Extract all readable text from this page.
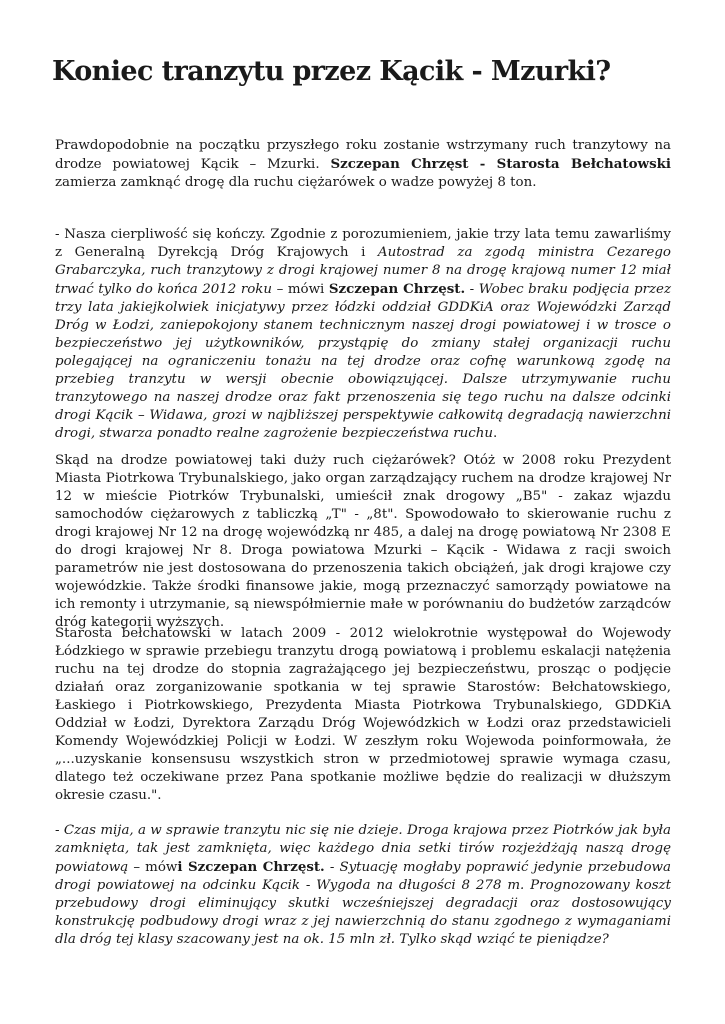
Koniec tranzytu przez Kącik - Mzurki?

Prawdopodobnie na początku przyszłego roku zostanie wstrzymany ruch tranzytowy na drodze powiatowej Kącik – Mzurki. Szczepan Chrzęst - Starosta Bełchatowski zamierza zamknąć drogę dla ruchu ciężarówek o wadze powyżej 8 ton.

- Nasza cierpliwość się kończy. Zgodnie z porozumieniem, jakie trzy lata temu zawarliśmy z Generalną Dyrekcją Dróg Krajowych i Autostrad za zgodą ministra Cezarego Grabarczyka, ruch tranzytowy z drogi krajowej numer 8 na drogę krajową numer 12 miał trwać tylko do końca 2012 roku – mówi Szczepan Chrzęst. - Wobec braku podjęcia przez trzy lata jakiejkolwiek inicjatywy przez łódzki oddział GDDKiA oraz Wojewódzki Zarząd Dróg w Łodzi, zaniepokojony stanem technicznym naszej drogi powiatowej i w trosce o bezpieczeństwo jej użytkowników, przystąpię do zmiany stałej organizacji ruchu polegającej na ograniczeniu tonażu na tej drodze oraz cofnę warunkową zgodę na przebieg tranzytu w wersji obecnie obowiązującej. Dalsze utrzymywanie ruchu tranzytowego na naszej drodze oraz fakt przenoszenia się tego ruchu na dalsze odcinki drogi Kącik – Widawa, grozi w najbliższej perspektywie całkowitą degradacją nawierzchni drogi, stwarza ponadto realne zagrożenie bezpieczeństwa ruchu.

Skąd na drodze powiatowej taki duży ruch ciężarówek? Otóż w 2008 roku Prezydent Miasta Piotrkowa Trybunalskiego, jako organ zarządzający ruchem na drodze krajowej Nr 12 w mieście Piotrków Trybunalski, umieścił znak drogowy „B5" - zakaz wjazdu samochodów ciężarowych z tabliczką „T" - „8t". Spowodowało to skierowanie ruchu z drogi krajowej Nr 12 na drogę wojewódzką nr 485, a dalej na drogę powiatową Nr 2308 E do drogi krajowej Nr 8. Droga powiatowa Mzurki – Kącik - Widawa z racji swoich parametrów nie jest dostosowana do przenoszenia takich obciążeń, jak drogi krajowe czy wojewódzkie. Także środki finansowe jakie, mogą przeznaczyć samorządy powiatowe na ich remonty i utrzymanie, są niewspółmiernie małe w porównaniu do budżetów zarządców dróg kategorii wyższych.

Starosta bełchatowski w latach 2009 - 2012 wielokrotnie występował do Wojewody Łódzkiego w sprawie przebiegu tranzytu drogą powiatową i problemu eskalacji natężenia ruchu na tej drodze do stopnia zagrażającego jej bezpieczeństwu, prosząc o podjęcie działań oraz zorganizowanie spotkania w tej sprawie Starostów: Bełchatowskiego, Łaskiego i Piotrkowskiego, Prezydenta Miasta Piotrkowa Trybunalskiego, GDDKiA Oddział w Łodzi, Dyrektora Zarządu Dróg Wojewódzkich w Łodzi oraz przedstawicieli Komendy Wojewódzkiej Policji w Łodzi. W zeszłym roku Wojewoda poinformowała, że „...uzyskanie konsensusu wszystkich stron w przedmiotowej sprawie wymaga czasu, dlatego też oczekiwane przez Pana spotkanie możliwe będzie do realizacji w dłuższym okresie czasu.".

- Czas mija, a w sprawie tranzytu nic się nie dzieje. Droga krajowa przez Piotrków jak była zamknięta, tak jest zamknięta, więc każdego dnia setki tirów rozjeżdżają naszą drogę powiatową – mówi Szczepan Chrzęst. - Sytuację mogłaby poprawić jedynie przebudowa drogi powiatowej na odcinku Kącik - Wygoda na długości 8 278 m. Prognozowany koszt przebudowy drogi eliminujący skutki wcześniejszej degradacji oraz dostosowujący konstrukcję podbudowy drogi wraz z jej nawierzchnią do stanu zgodnego z wymaganiami dla dróg tej klasy szacowany jest na ok. 15 mln zł. Tylko skąd wziąć te pieniądze?
